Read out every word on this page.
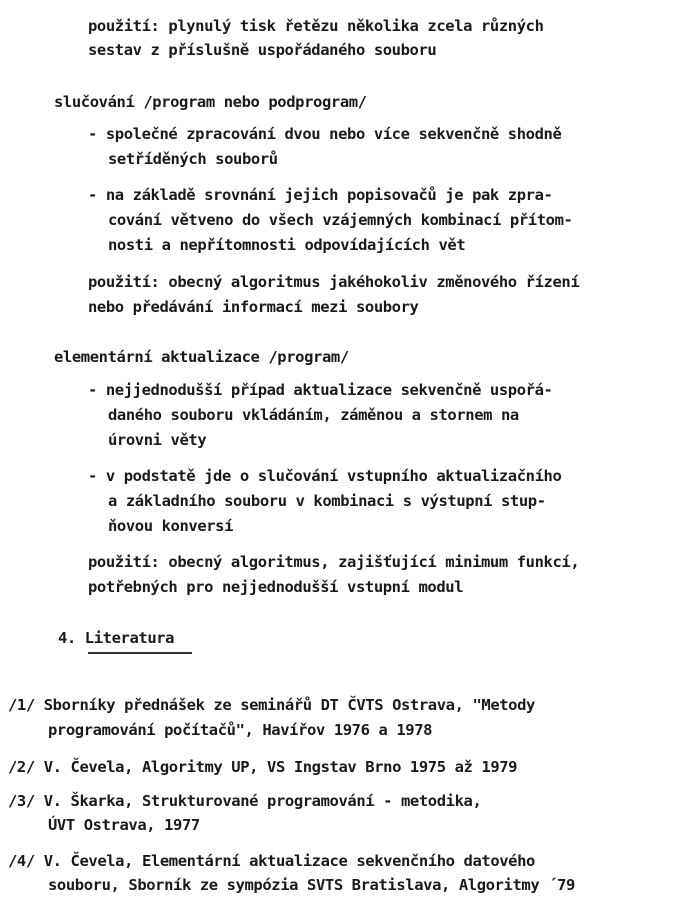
použití: plynulý tisk řetězu několika zcela různých
sestav z příslušně uspořádaného souboru
slučování /program nebo podprogram/
- společné zpracování dvou nebo více sekvenčně shodně
setříděných souborů
- na základě srovnání jejich popisovačů je pak zpra-
cování větveno do všech vzájemných kombinací přítom-
nosti a nepřítomnosti odpovídajících vět
použití: obecný algoritmus jakéhokoliv změnového řízení
nebo předávání informací mezi soubory
elementární aktualizace /program/
- nejjednodušší případ aktualizace sekvenčně uspořá-
daného souboru vkládáním, záměnou a stornem na
úrovni věty
- v podstatě jde o slučování vstupního aktualizačního
a základního souboru v kombinaci s výstupní stup-
ňovou konversí
použití: obecný algoritmus, zajišťující minimum funkcí,
potřebných pro nejjednodušší vstupní modul
4. Literatura
/1/ Sborníky přednášek ze seminářů DT ČVTS Ostrava, "Metody
programování počítačů", Havířov 1976 a 1978
/2/ V. Čevela, Algoritmy UP, VS Ingstav Brno 1975 až 1979
/3/ V. Škarka, Strukturované programování - metodika,
ÚVT Ostrava, 1977
/4/ V. Čevela, Elementární aktualizace sekvenčního datového
souboru, Sborník ze sympózia SVTS Bratislava, Algoritmy ´79
